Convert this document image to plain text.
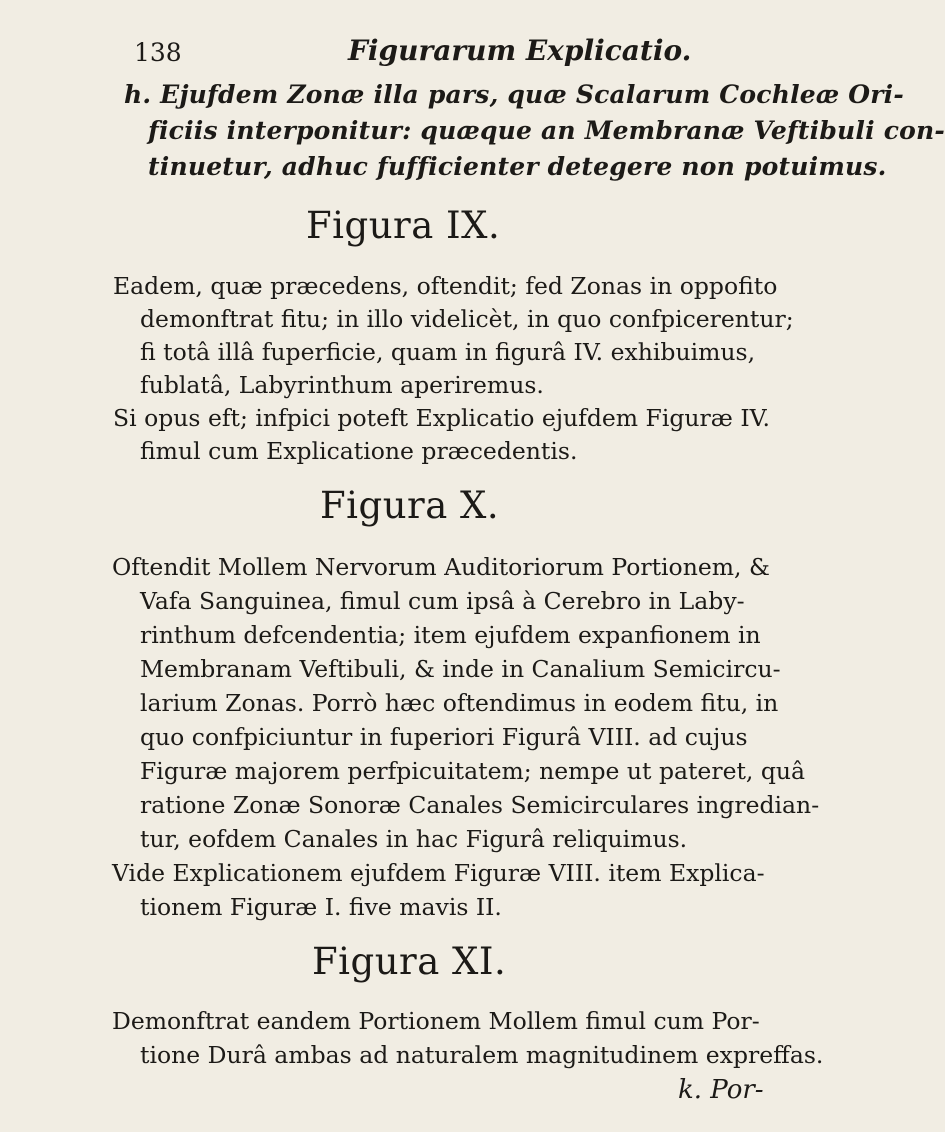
138	Figurarum Explicatio.
h. Ejufdem Zonæ illa pars, quæ Scalarum Cochleæ Ori-
ficiis interponitur: quæque an Membranæ Veftibuli con-
tinuetur, adhuc fufficienter detegere non potuimus.
Figura IX.
Eadem, quæ præcedens, oftendit; fed Zonas in oppofito
demonftrat fitu; in illo videlicèt, in quo confpicerentur;
fi totâ illâ fuperficie, quam in figurâ IV. exhibuimus,
fublatâ, Labyrinthum aperiremus.
Si opus eft; infpici poteft Explicatio ejufdem Figuræ IV.
fimul cum Explicatione præcedentis.
Figura X.
Oftendit Mollem Nervorum Auditoriorum Portionem, &
Vafa Sanguinea, fimul cum ipsâ à Cerebro in Laby-
rinthum defcendentia; item ejufdem expanfionem in
Membranam Veftibuli, & inde in Canalium Semicircu-
larium Zonas. Porrò hæc oftendimus in eodem fitu, in
quo confpiciuntur in fuperiori Figurâ VIII. ad cujus
Figuræ majorem perfpicuitatem; nempe ut pateret, quâ
ratione Zonæ Sonoræ Canales Semicirculares ingredian-
tur, eofdem Canales in hac Figurâ reliquimus.
Vide Explicationem ejufdem Figuræ VIII. item Explica-
tionem Figuræ I. five mavis II.
Figura XI.
Demonftrat eandem Portionem Mollem fimul cum Por-
tione Durâ ambas ad naturalem magnitudinem expreffas.
k. Por-
